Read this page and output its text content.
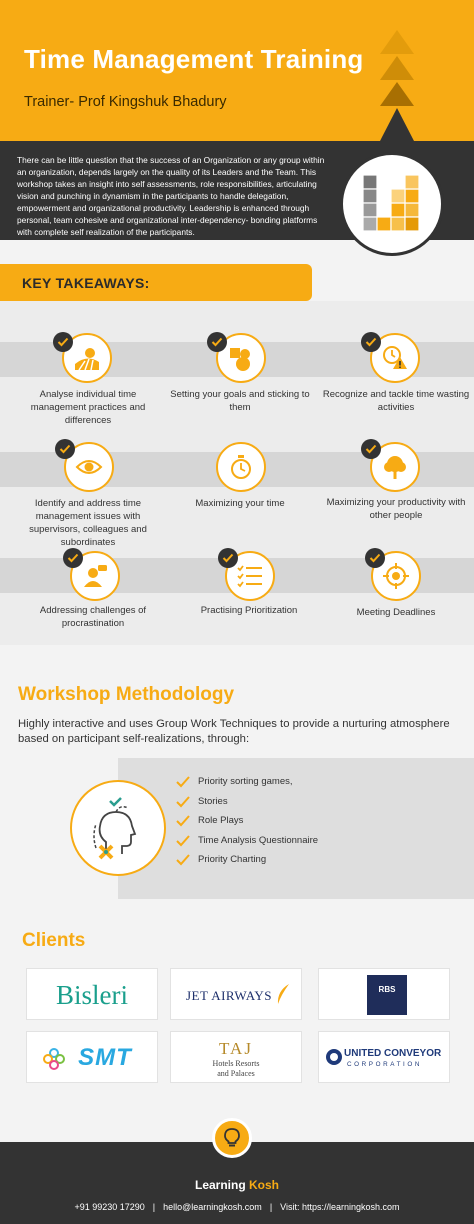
Time Management Training
Trainer- Prof Kingshuk Bhadury

There can be little question that the success of an Organization or any group within an organization, depends largely on the quality of its Leaders and the Team. This workshop takes an insight into self assessments, role responsibilities, articulating vision and punching in dynamism in the participants to handle delegation, empowerment and organizational productivity. Leadership is enhanced through personal, team cohesive and organizational inter-dependency- bonding platforms with complete self realization of the participants.

KEY TAKEAWAYS:
Analyse individual time management practices and differences
Setting your goals and sticking to them
Recognize and tackle time wasting activities
Identify and address time management issues with supervisors, colleagues and subordinates
Maximizing your time	Maximizing your productivity with other people
Addressing challenges of procrastination
Practising Prioritization	Meeting Deadlines
Workshop Methodology
Highly interactive and uses Group Work Techniques to provide a nurturing atmosphere based on participant self-realizations, through:
Priority sorting games,
Stories
Role Plays
Time Analysis Questionnaire
Priority Charting
Clients
Bisleri	JET AIRWAYS	RBS
SMT	TAJ
Hotels Resorts
and Palaces
UNITED CONVEYOR
CORPORATION
Learning Kosh
+91 99230 17290 | hello@learningkosh.com | Visit: https://learningkosh.com
